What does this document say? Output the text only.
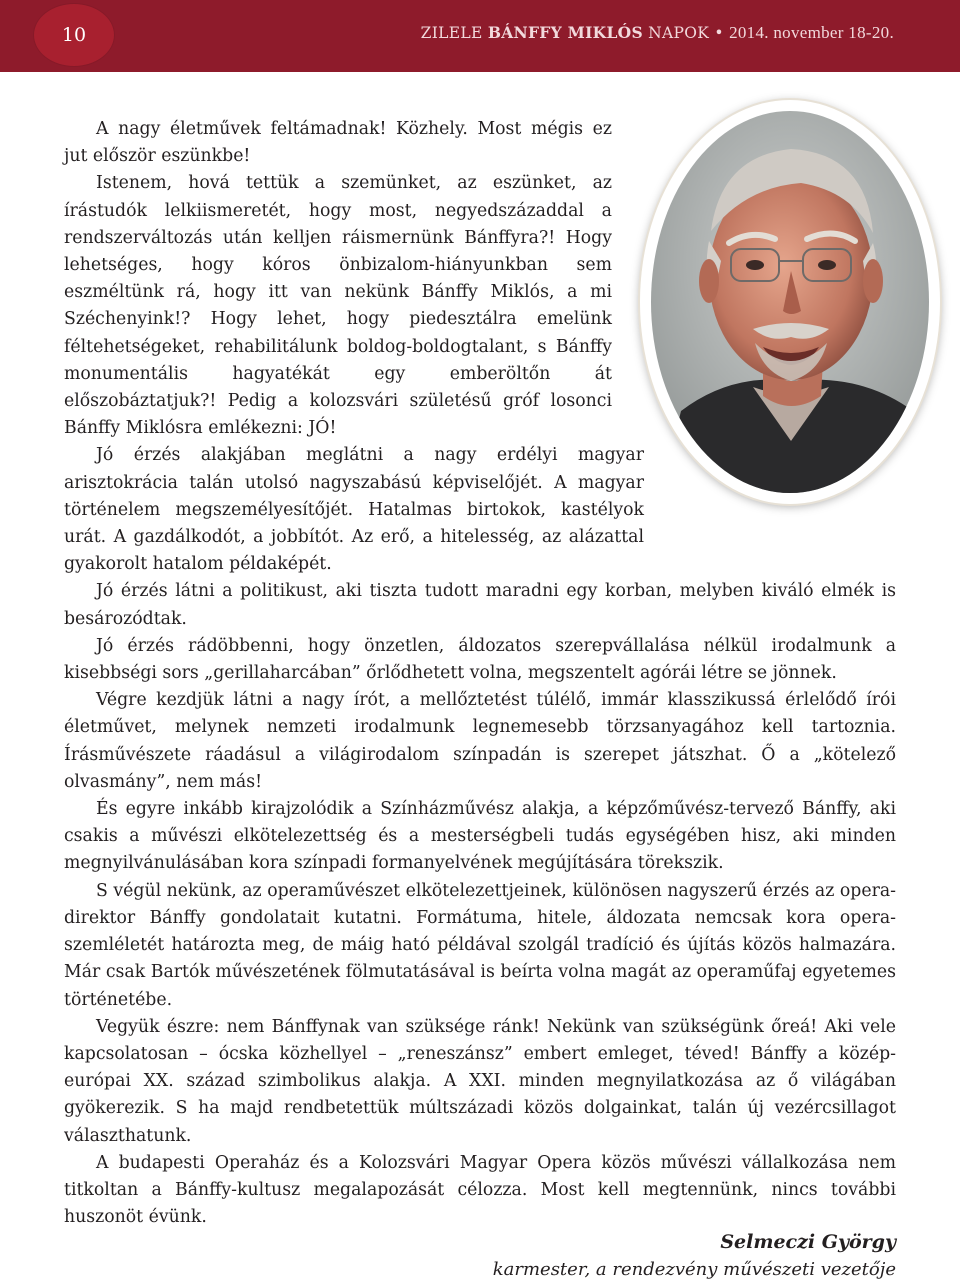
10	ZILELE BÁNFFY MIKLÓS NAPOK • 2014. november 18-20.

A nagy életművek feltámadnak! Közhely. Most mégis ez jut először eszünkbe!

Istenem, hová tettük a szemünket, az eszünket, az írástudók lelkiismeretét, hogy most, negyedszázaddal a rendszerváltozás után kelljen ráismernünk Bánffyra?! Hogy lehetséges, hogy kóros önbizalom-hiányunkban sem eszméltünk rá, hogy itt van nekünk Bánffy Miklós, a mi Széchenyink!? Hogy lehet, hogy piedesztálra emelünk féltehetségeket, rehabilitálunk boldog-boldogtalant, s Bánffy monumentális hagyatékát egy emberöltőn át előszobáztatjuk?! Pedig a kolozsvári születésű gróf losonci Bánffy Miklósra emlékezni: JÓ!

Jó érzés alakjában meglátni a nagy erdélyi magyar arisztokrácia talán utolsó nagyszabású képviselőjét. A magyar történelem megszemélyesítőjét. Hatalmas birtokok, kastélyok urát. A gazdálkodót, a jobbítót. Az erő, a hitelesség, az alázattal gyakorolt hatalom példaképét.

Jó érzés látni a politikust, aki tiszta tudott maradni egy korban, melyben kiváló elmék is besározódtak.

Jó érzés rádöbbenni, hogy önzetlen, áldozatos szerepvállalása nélkül irodalmunk a kisebbségi sors „gerillaharcában” őrlődhetett volna, megszentelt agórái létre se jönnek.

Végre kezdjük látni a nagy írót, a mellőztetést túlélő, immár klasszikussá érlelődő írói életművet, melynek nemzeti irodalmunk legnemesebb törzsanyagához kell tartoznia. Írásművészete ráadásul a világirodalom színpadán is szerepet játszhat. Ő a „kötelező olvasmány”, nem más!

És egyre inkább kirajzolódik a Színházművész alakja, a képzőművész-tervező Bánffy, aki csakis a művészi elkötelezettség és a mesterségbeli tudás egységében hisz, aki minden megnyilvánulásában kora színpadi formanyelvének megújítására törekszik.

S végül nekünk, az operaművészet elkötelezettjeinek, különösen nagyszerű érzés az opera-direktor Bánffy gondolatait kutatni. Formátuma, hitele, áldozata nemcsak kora opera-szemléletét határozta meg, de máig ható példával szolgál tradíció és újítás közös halmazára. Már csak Bartók művészetének fölmutatásával is beírta volna magát az operaműfaj egyetemes történetébe.

Vegyük észre: nem Bánffynak van szüksége ránk! Nekünk van szükségünk őreá! Aki vele kapcsolatosan – ócska közhellyel – „reneszánsz” embert emleget, téved! Bánffy a közép-európai XX. század szimbolikus alakja. A XXI. minden megnyilatkozása az ő világában gyökerezik. S ha majd rendbetettük múltszázadi közös dolgainkat, talán új vezércsillagot választhatunk.

A budapesti Operaház és a Kolozsvári Magyar Opera közös művészi vállalkozása nem titkoltan a Bánffy-kultusz megalapozását célozza. Most kell megtennünk, nincs további huszonöt évünk.

Selmeczi György
karmester, a rendezvény művészeti vezetője
